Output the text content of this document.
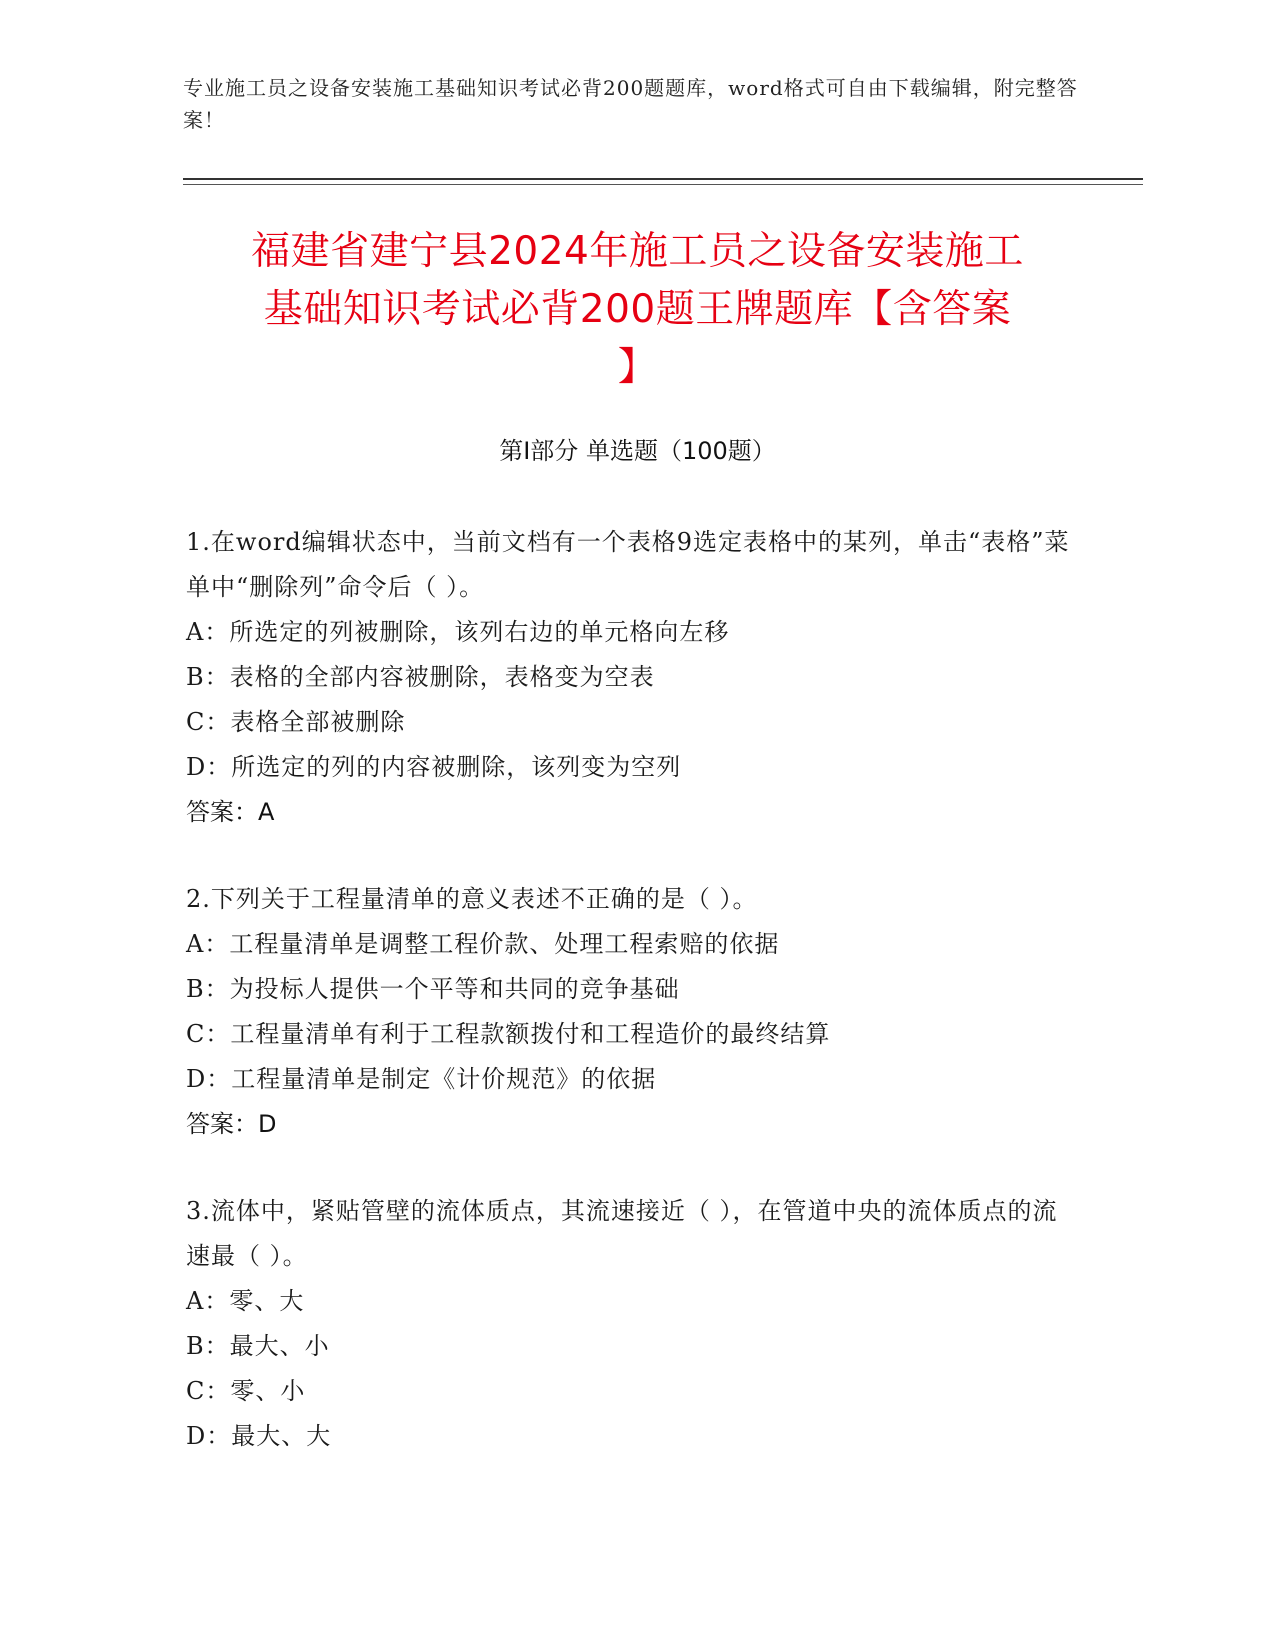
专业施工员之设备安装施工基础知识考试必背200题题库，word格式可自由下载编辑，附完整答案！
福建省建宁县2024年施工员之设备安装施工
基础知识考试必背200题王牌题库【含答案
】
第Ⅰ部分 单选题（100题）

1.在word编辑状态中，当前文档有一个表格9选定表格中的某列，单击“表格”菜单中“删除列”命令后（ ）。

A：所选定的列被删除，该列右边的单元格向左移

B：表格的全部内容被删除，表格变为空表

C：表格全部被删除

D：所选定的列的内容被删除，该列变为空列

答案：A

2.下列关于工程量清单的意义表述不正确的是（ ）。

A：工程量清单是调整工程价款、处理工程索赔的依据

B：为投标人提供一个平等和共同的竞争基础

C：工程量清单有利于工程款额拨付和工程造价的最终结算

D：工程量清单是制定《计价规范》的依据

答案：D

3.流体中，紧贴管壁的流体质点，其流速接近（ ），在管道中央的流体质点的流速最（ ）。

A：零、大

B：最大、小

C：零、小

D：最大、大
